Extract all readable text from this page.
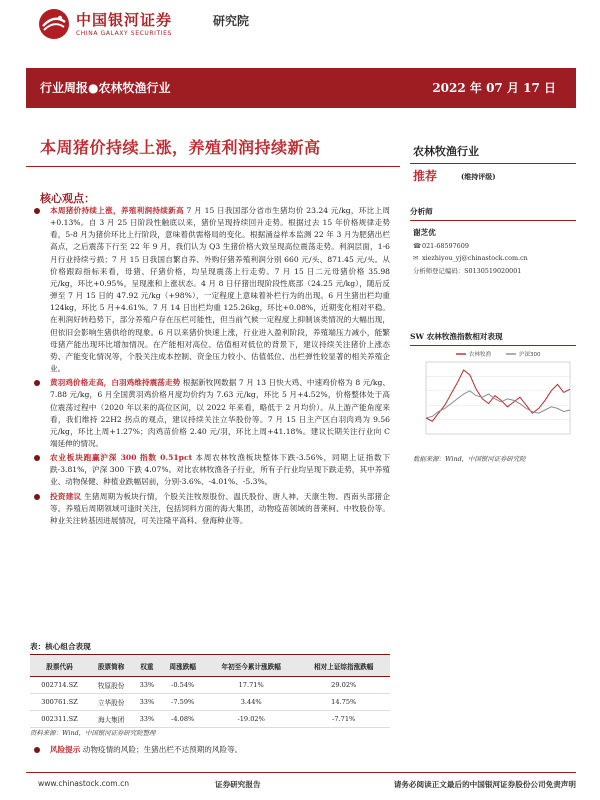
中国银河证券	研究院
CHINA GALAXY SECURITIES
行业周报●农林牧渔行业	2022 年 07 月 17 日
本周猪价持续上涨，养殖利润持续新高
核心观点：
本周猪价持续上涨，养殖利润持续新高 7 月 15 日我国部分省市生猪均价 23.24 元/kg，环比上周+0.13%。自 3 月 25 日阶段性触底以来，猪价呈现持续回升走势。根据过去 15 年价格规律走势看，5-8 月为猪价环比上行阶段，意味着供需格局的变化。根据涌益样本监测 22 年 3 月为肥猪出栏高点，之后震荡下行至 22 年 9 月，我们认为 Q3 生猪价格大致呈现高位震荡走势。利润层面，1-6 月行业持续亏损；7 月 15 日我国自繁自养、外购仔猪养殖利润分别 660 元/头、871.45 元/头。从价格跟踪指标来看，母猪、仔猪价格，均呈现震荡上行走势。7 月 15 日二元母猪价格 35.98 元/kg，环比+0.95%，呈现涨和上涨状态。4 月 8 日仔猪出现阶段性底部（24.25 元/kg），随后反弹至 7 月 15 日的 47.92 元/kg（+98%），一定程度上意味着补栏行为的出现。6 月生猪出栏均重 124kg，环比 5 月+4.61%。7 月 14 日出栏均重 125.26kg，环比+0.08%，近期变化相对平稳。在利润好转趋势下，部分养殖户存在压栏可能性，但当前气候一定程度上抑制该类情况的大幅出现，但依旧会影响生猪供给的现象。6 月以来猪价快速上涨，行业进入盈利阶段，养殖端压力减小，能繁母猪产能出现环比增加情况。在产能相对高位、估值相对低位的背景下，建议持续关注猪价上涨态势、产能变化情况等，个股关注成本控制、资金压力较小、估值低位、出栏弹性较显著的相关养殖企业。
黄羽鸡价格走高，白羽鸡维持震荡走势 根据新牧网数据 7 月 13 日快大鸡、中速鸡价格为 8 元/kg、7.88 元/kg，6 月全国黄羽鸡价格月度均价约为 7.63 元/kg，环比 5 月+4.52%，价格整体处于高位震荡过程中（2020 年以来的高位区间，以 2022 年来看，略低于 2 月均价）。从上游产能角度来看，我们维持 22H2 拐点的观点，建议持续关注立华股份等。7 月 15 日主产区白羽肉鸡为 9.56 元/kg，环比上周+1.27%；肉鸡苗价格 2.40 元/羽，环比上周+41.18%。建议长期关注行业向 C 端延伸的情况。
农业板块跑赢沪深 300 指数 0.51pct 本周农林牧渔板块整体下跌-3.56%，同期上证指数下跌-3.81%，沪深 300 下跌 4.07%。对比农林牧渔各子行业，所有子行业均呈现下跌走势，其中养殖业、动物保健、种植业跌幅居前，分别-3.6%、-4.01%、-5.3%。
投资建议 生猪周期为板块行情，个股关注牧原股份、温氏股份、唐人神、天康生物、西南头部猪企等。养殖后周期领域可逢时关注，包括饲料方面的海大集团，动物疫苗领域的普莱柯、中牧股份等。种业关注转基因进展情况，可关注隆平高科、登海种业等。
表：核心组合表现
股票代码	股票简称	权重	周涨跌幅	年初至今累计涨跌幅	相对上证综指涨跌幅
002714.SZ	牧原股份	33%	-0.54%	17.71%	29.02%
300761.SZ	立华股份	33%	-7.59%	3.44%	14.75%
002311.SZ	海大集团	33%	-4.08%	-19.02%	-7.71%
资料来源：Wind，中国银河证券研究院整理
风险提示 动物疫情的风险；生猪出栏不达预期的风险等。
农林牧渔行业
推荐	(维持评级)
分析师
谢芝优
☎021-68597609
✉ xiezhiyou_yj@chinastock.com.cn
分析师登记编码：S0130519020001
SW 农林牧渔指数相对表现
农林牧渔	沪深300
数据来源：Wind，中国银河证券研究院
www.chinastock.com.cn	证券研究报告	请务必阅读正文最后的中国银河证券股份公司免责声明
